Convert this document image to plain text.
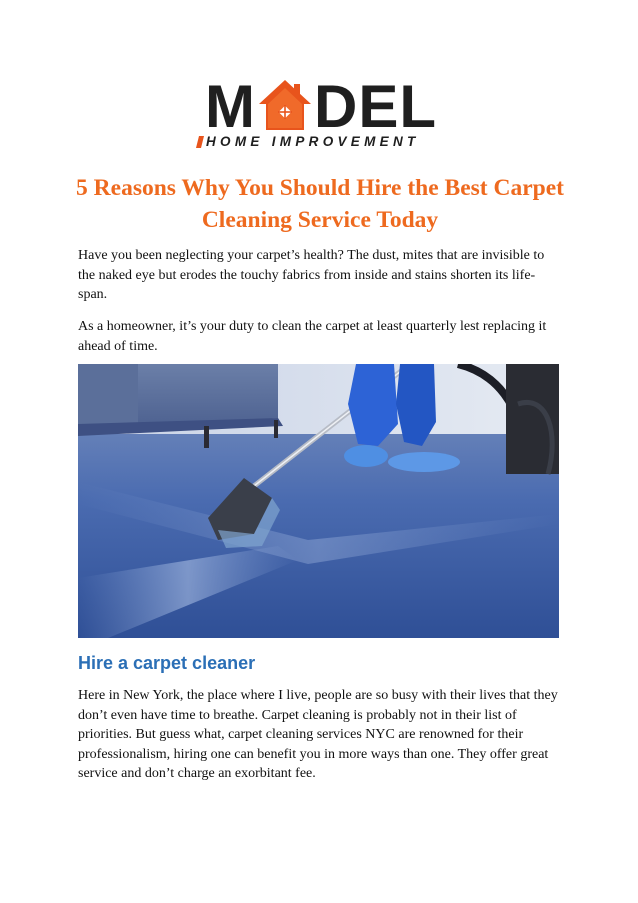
M DEL
HOME IMPROVEMENT
5 Reasons Why You Should Hire the Best Carpet Cleaning Service Today

Have you been neglecting your carpet’s health? The dust, mites that are invisible to the naked eye but erodes the touchy fabrics from inside and stains shorten its life-span.

As a homeowner, it’s your duty to clean the carpet at least quarterly lest replacing it ahead of time.

Hire a carpet cleaner

Here in New York, the place where I live, people are so busy with their lives that they don’t even have time to breathe. Carpet cleaning is probably not in their list of priorities. But guess what, carpet cleaning services NYC are renowned for their professionalism, hiring one can benefit you in more ways than one. They offer great service and don’t charge an exorbitant fee.
